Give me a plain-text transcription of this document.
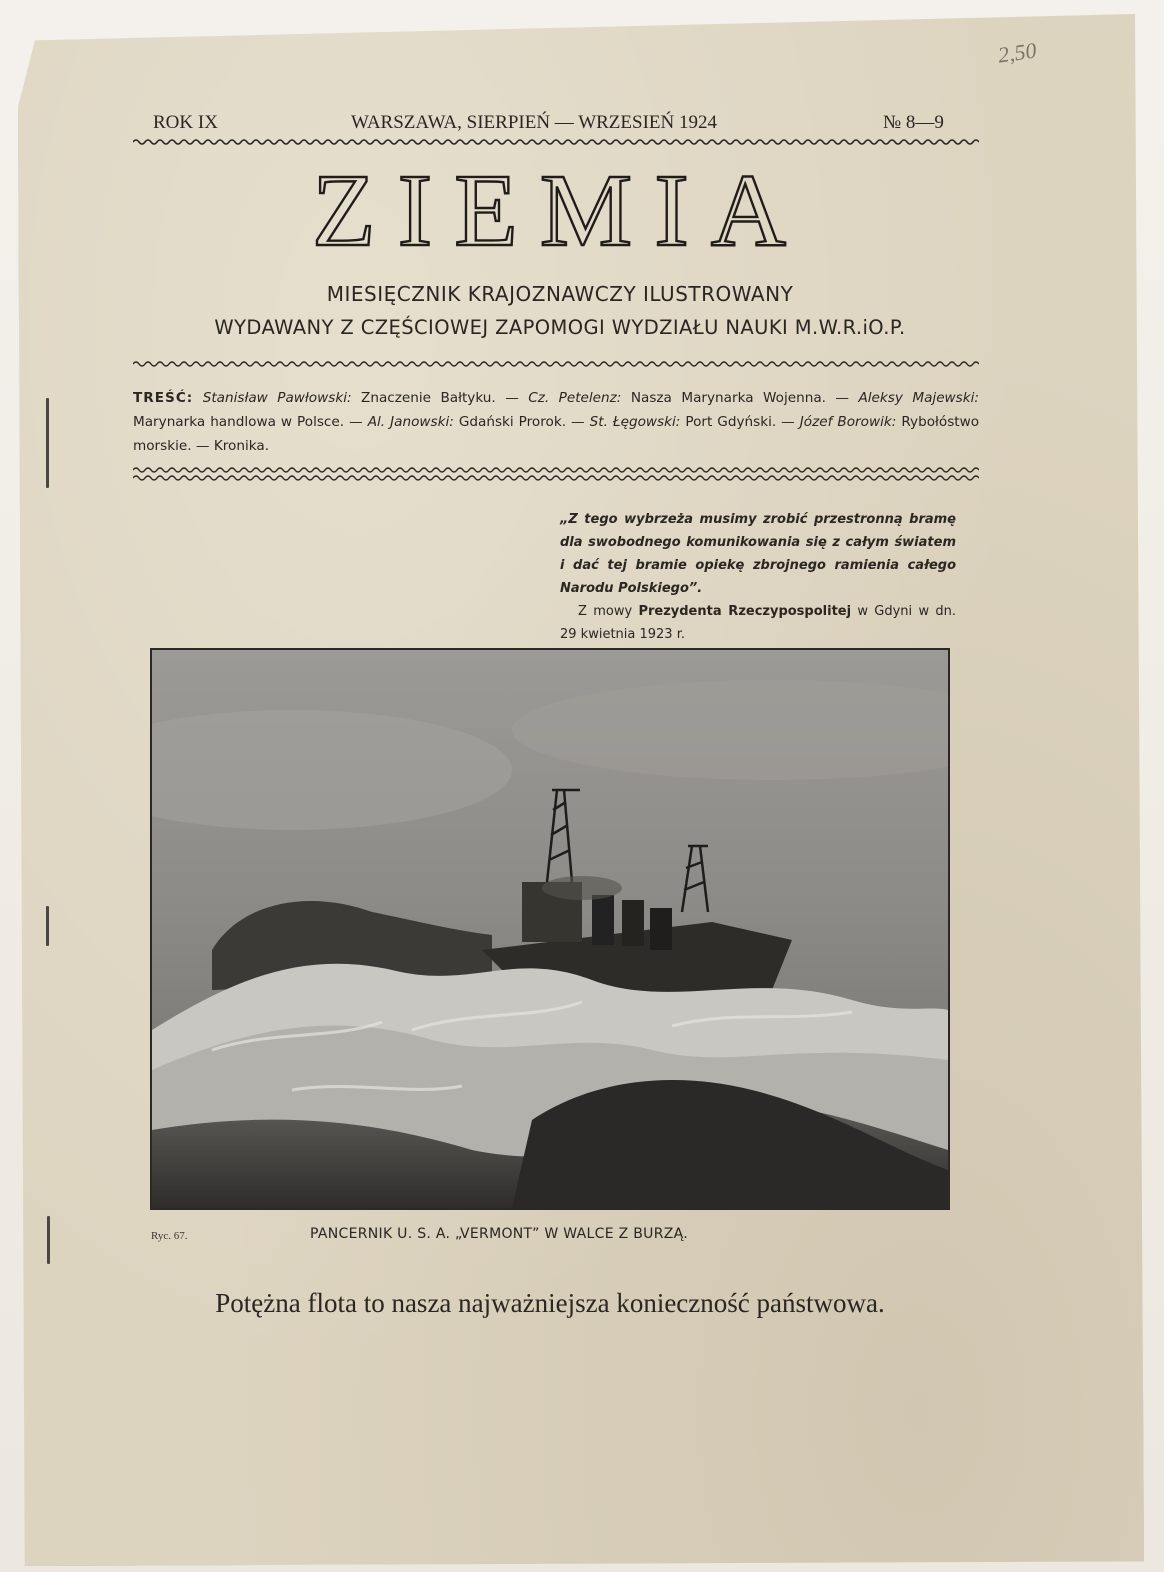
2,50
ROK IX	WARSZAWA, SIERPIEŃ — WRZESIEŃ 1924	№ 8—9
ZIEMIA
MIESIĘCZNIK KRAJOZNAWCZY ILUSTROWANY
WYDAWANY Z CZĘŚCIOWEJ ZAPOMOGI WYDZIAŁU NAUKI M.W.R.iO.P.
TREŚĆ: Stanisław Pawłowski: Znaczenie Bałtyku. — Cz. Petelenz: Nasza Marynarka Wojenna. — Aleksy Majewski: Marynarka handlowa w Polsce. — Al. Janowski: Gdański Prorok. — St. Łęgowski: Port Gdyński. — Józef Borowik: Rybołóstwo morskie. — Kronika.
„Z tego wybrzeża musimy zrobić przestronną bramę dla swobodnego komunikowania się z całym światem i dać tej bramie opiekę zbrojnego ramienia całego Narodu Polskiego”.
Z mowy Prezydenta Rzeczypospolitej w Gdyni w dn. 29 kwietnia 1923 r.
Ryc. 67.	PANCERNIK U. S. A. „VERMONT” W WALCE Z BURZĄ.
Potężna flota to nasza najważniejsza konieczność państwowa.
